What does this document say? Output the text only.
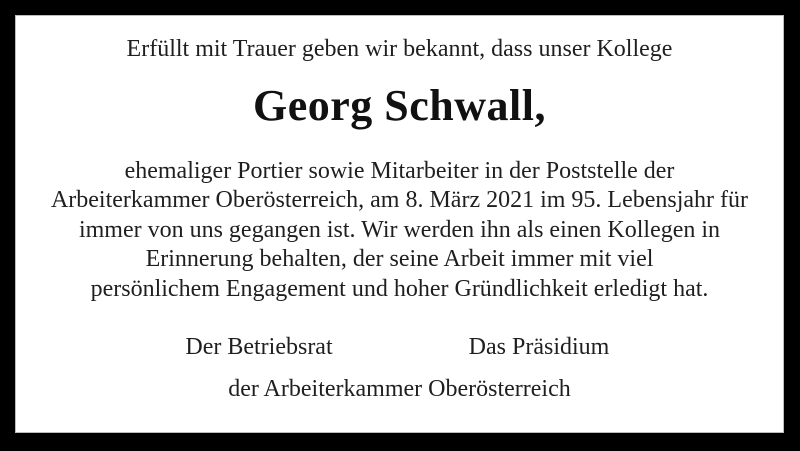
Erfüllt mit Trauer geben wir bekannt, dass unser Kollege
Georg Schwall,
ehemaliger Portier sowie Mitarbeiter in der Poststelle der
Arbeiterkammer Oberösterreich, am 8. März 2021 im 95. Lebensjahr für
immer von uns gegangen ist. Wir werden ihn als einen Kollegen in
Erinnerung behalten, der seine Arbeit immer mit viel
persönlichem Engagement und hoher Gründlichkeit erledigt hat.
Der Betriebsrat	Das Präsidium
der Arbeiterkammer Oberösterreich
